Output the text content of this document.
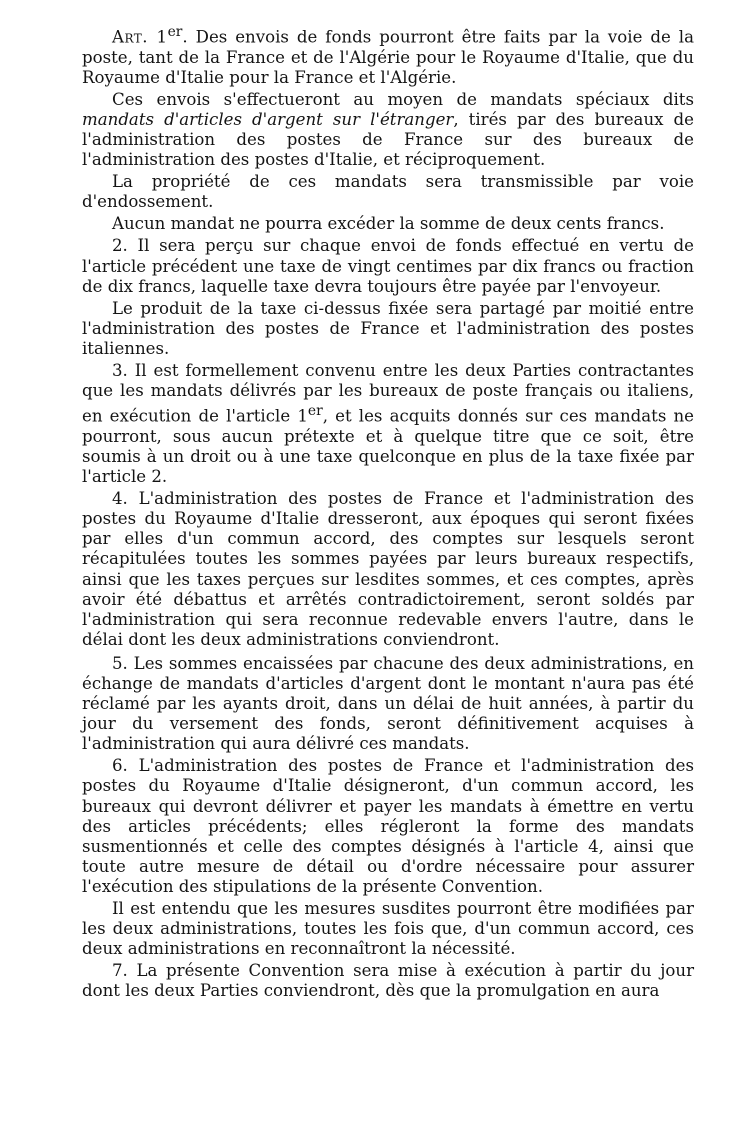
Art. 1er. Des envois de fonds pourront être faits par la voie de la poste, tant de la France et de l'Algérie pour le Royaume d'Italie, que du Royaume d'Italie pour la France et l'Algérie.

Ces envois s'effectueront au moyen de mandats spéciaux dits mandats d'articles d'argent sur l'étranger, tirés par des bureaux de l'administration des postes de France sur des bureaux de l'administration des postes d'Italie, et réciproquement.

La propriété de ces mandats sera transmissible par voie d'endossement.

Aucun mandat ne pourra excéder la somme de deux cents francs.

2. Il sera perçu sur chaque envoi de fonds effectué en vertu de l'article précédent une taxe de vingt centimes par dix francs ou fraction de dix francs, laquelle taxe devra toujours être payée par l'envoyeur.

Le produit de la taxe ci-dessus fixée sera partagé par moitié entre l'administration des postes de France et l'administration des postes italiennes.

3. Il est formellement convenu entre les deux Parties contractantes que les mandats délivrés par les bureaux de poste français ou italiens, en exécution de l'article 1er, et les acquits donnés sur ces mandats ne pourront, sous aucun prétexte et à quelque titre que ce soit, être soumis à un droit ou à une taxe quelconque en plus de la taxe fixée par l'article 2.

4. L'administration des postes de France et l'administration des postes du Royaume d'Italie dresseront, aux époques qui seront fixées par elles d'un commun accord, des comptes sur lesquels seront récapitulées toutes les sommes payées par leurs bureaux respectifs, ainsi que les taxes perçues sur lesdites sommes, et ces comptes, après avoir été débattus et arrêtés contradictoirement, seront soldés par l'administration qui sera reconnue redevable envers l'autre, dans le délai dont les deux administrations conviendront.

5. Les sommes encaissées par chacune des deux administrations, en échange de mandats d'articles d'argent dont le montant n'aura pas été réclamé par les ayants droit, dans un délai de huit années, à partir du jour du versement des fonds, seront définitivement acquises à l'administration qui aura délivré ces mandats.

6. L'administration des postes de France et l'administration des postes du Royaume d'Italie désigneront, d'un commun accord, les bureaux qui devront délivrer et payer les mandats à émettre en vertu des articles précédents; elles régleront la forme des mandats susmentionnés et celle des comptes désignés à l'article 4, ainsi que toute autre mesure de détail ou d'ordre nécessaire pour assurer l'exécution des stipulations de la présente Convention.

Il est entendu que les mesures susdites pourront être modifiées par les deux administrations, toutes les fois que, d'un commun accord, ces deux administrations en reconnaîtront la nécessité.

7. La présente Convention sera mise à exécution à partir du jour dont les deux Parties conviendront, dès que la promulgation en aura
